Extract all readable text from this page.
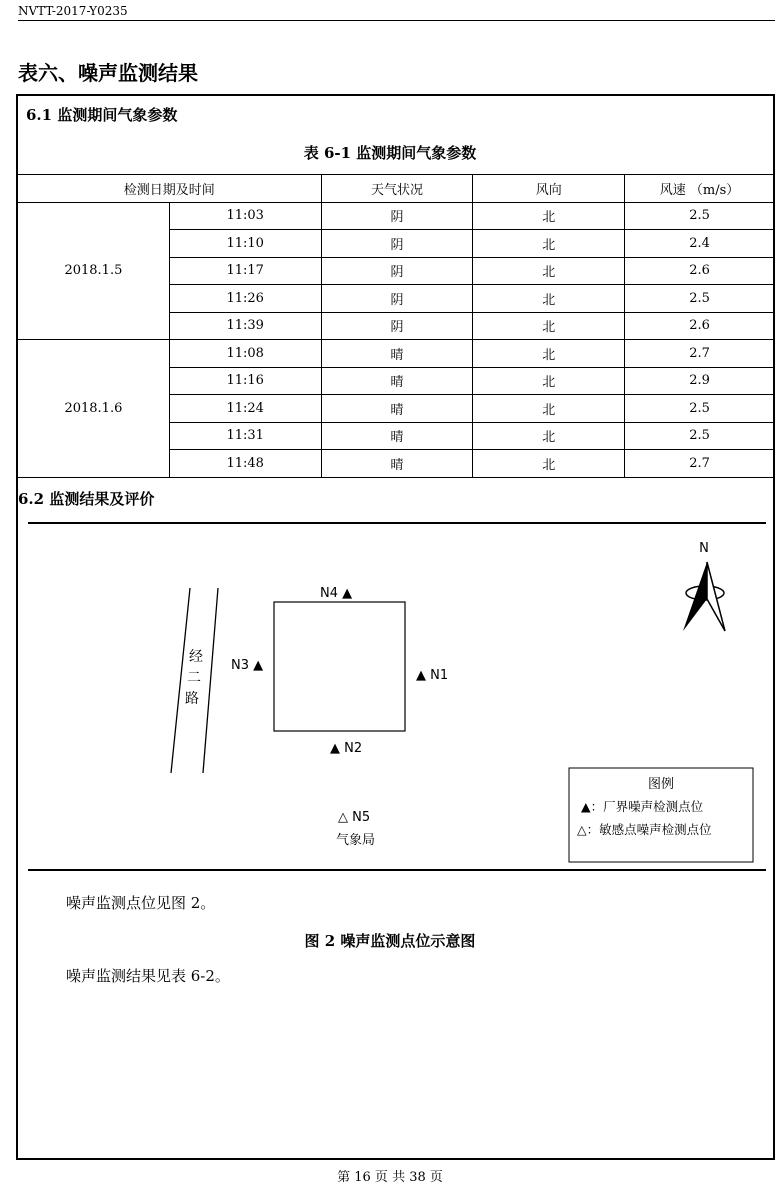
NVTT-2017-Y0235
表六、噪声监测结果
6.1 监测期间气象参数
表 6-1 监测期间气象参数
检测日期及时间		天气状况	风向	风速 （m/s）
2018.1.5	11:03	阴	北	2.5
	11:10	阴	北	2.4
	11:17	阴	北	2.6
	11:26	阴	北	2.5
	11:39	阴	北	2.6
2018.1.6	11:08	晴	北	2.7
	11:16	晴	北	2.9
	11:24	晴	北	2.5
	11:31	晴	北	2.5
	11:48	晴	北	2.7
6.2 监测结果及评价
经
二
路
N4 ▲
N3 ▲
▲ N1
▲ N2
△ N5
气象局
N
图例
▲：厂界噪声检测点位
△：敏感点噪声检测点位
噪声监测点位见图 2。
图 2 噪声监测点位示意图
噪声监测结果见表 6-2。
第 16 页 共 38 页
